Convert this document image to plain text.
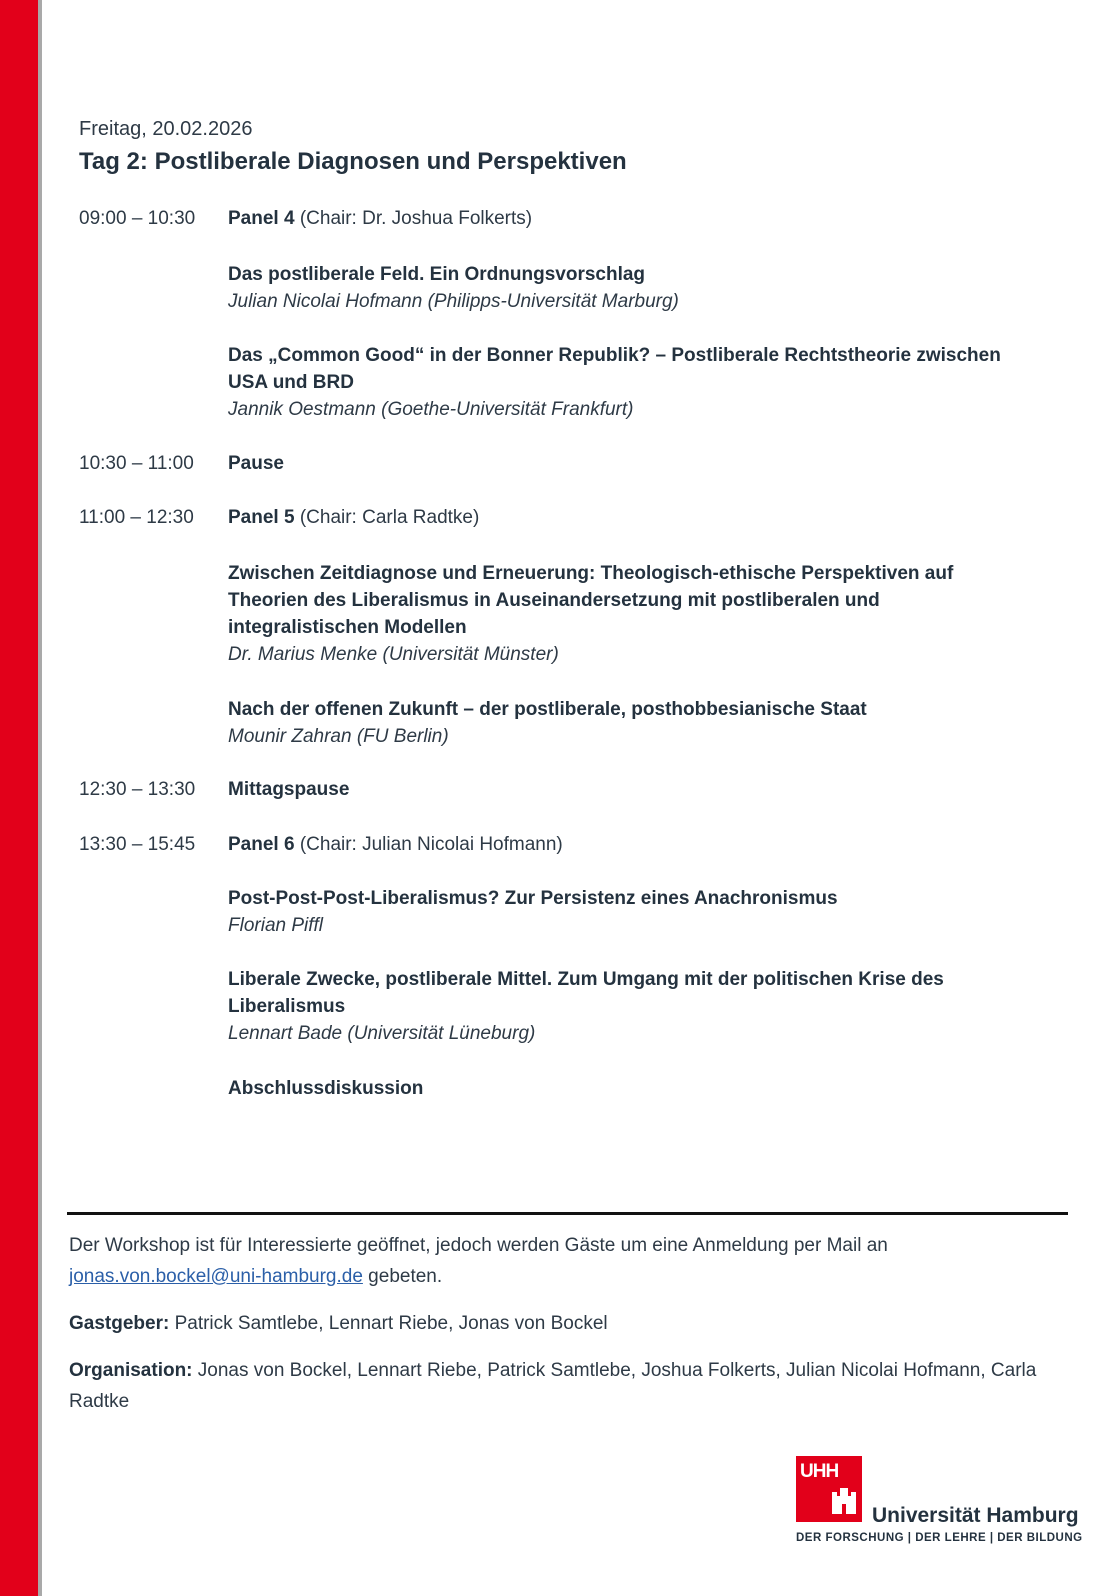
Freitag, 20.02.2026
Tag 2: Postliberale Diagnosen und Perspektiven
09:00 – 10:30 Panel 4 (Chair: Dr. Joshua Folkerts)
Das postliberale Feld. Ein Ordnungsvorschlag
Julian Nicolai Hofmann (Philipps-Universität Marburg)
Das „Common Good“ in der Bonner Republik? – Postliberale Rechtstheorie zwischen USA und BRD
Jannik Oestmann (Goethe-Universität Frankfurt)
10:30 – 11:00 Pause
11:00 – 12:30 Panel 5 (Chair: Carla Radtke)
Zwischen Zeitdiagnose und Erneuerung: Theologisch-ethische Perspektiven auf Theorien des Liberalismus in Auseinandersetzung mit postliberalen und integralistischen Modellen
Dr. Marius Menke (Universität Münster)
Nach der offenen Zukunft – der postliberale, posthobbesianische Staat
Mounir Zahran (FU Berlin)
12:30 – 13:30 Mittagspause
13:30 – 15:45 Panel 6 (Chair: Julian Nicolai Hofmann)
Post-Post-Post-Liberalismus? Zur Persistenz eines Anachronismus
Florian Piffl
Liberale Zwecke, postliberale Mittel. Zum Umgang mit der politischen Krise des Liberalismus
Lennart Bade (Universität Lüneburg)
Abschlussdiskussion
Der Workshop ist für Interessierte geöffnet, jedoch werden Gäste um eine Anmeldung per Mail an
jonas.von.bockel@uni-hamburg.de gebeten.
Gastgeber: Patrick Samtlebe, Lennart Riebe, Jonas von Bockel
Organisation: Jonas von Bockel, Lennart Riebe, Patrick Samtlebe, Joshua Folkerts, Julian Nicolai Hofmann, Carla Radtke
UHH
Universität Hamburg
DER FORSCHUNG | DER LEHRE | DER BILDUNG
